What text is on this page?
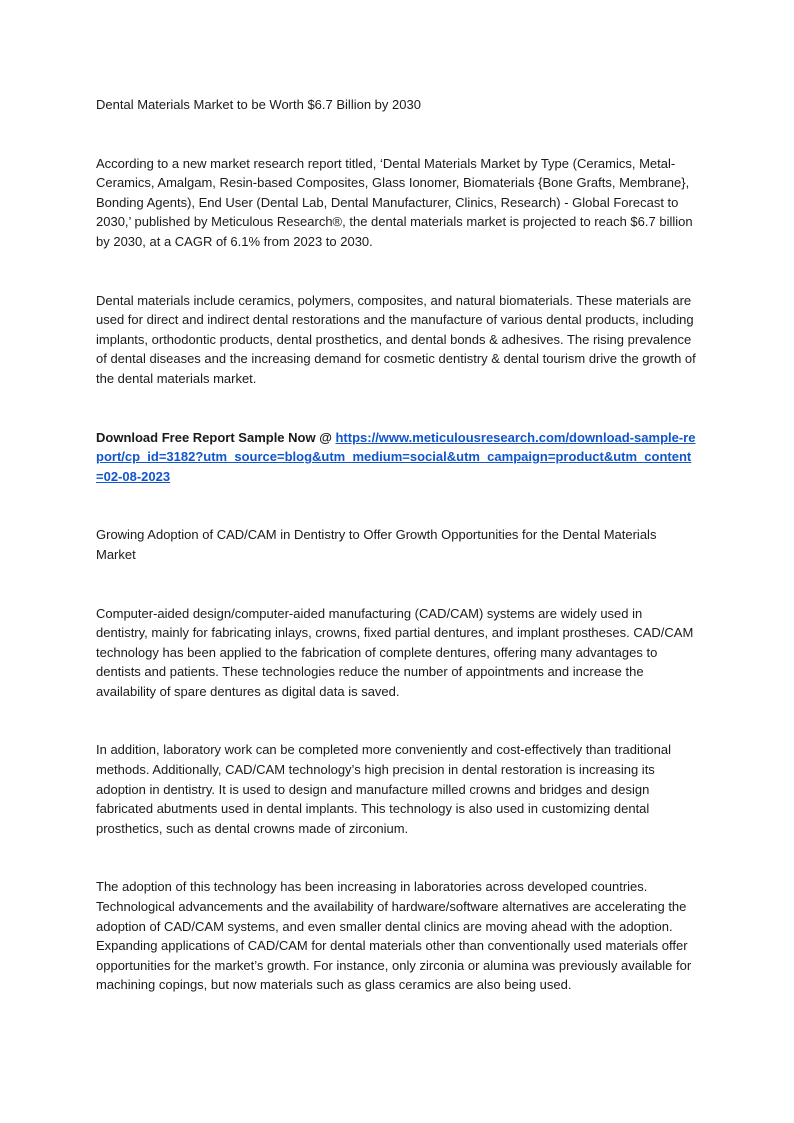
Dental Materials Market to be Worth $6.7 Billion by 2030

According to a new market research report titled, ‘Dental Materials Market by Type (Ceramics, Metal-Ceramics, Amalgam, Resin-based Composites, Glass Ionomer, Biomaterials {Bone Grafts, Membrane}, Bonding Agents), End User (Dental Lab, Dental Manufacturer, Clinics, Research) - Global Forecast to 2030,’ published by Meticulous Research®, the dental materials market is projected to reach $6.7 billion by 2030, at a CAGR of 6.1% from 2023 to 2030.

Dental materials include ceramics, polymers, composites, and natural biomaterials. These materials are used for direct and indirect dental restorations and the manufacture of various dental products, including implants, orthodontic products, dental prosthetics, and dental bonds & adhesives. The rising prevalence of dental diseases and the increasing demand for cosmetic dentistry & dental tourism drive the growth of the dental materials market.

Download Free Report Sample Now @ https://www.meticulousresearch.com/download-sample-report/cp_id=3182?utm_source=blog&utm_medium=social&utm_campaign=product&utm_content=02-08-2023

Growing Adoption of CAD/CAM in Dentistry to Offer Growth Opportunities for the Dental Materials Market

Computer-aided design/computer-aided manufacturing (CAD/CAM) systems are widely used in dentistry, mainly for fabricating inlays, crowns, fixed partial dentures, and implant prostheses. CAD/CAM technology has been applied to the fabrication of complete dentures, offering many advantages to dentists and patients. These technologies reduce the number of appointments and increase the availability of spare dentures as digital data is saved.

In addition, laboratory work can be completed more conveniently and cost-effectively than traditional methods. Additionally, CAD/CAM technology’s high precision in dental restoration is increasing its adoption in dentistry. It is used to design and manufacture milled crowns and bridges and design fabricated abutments used in dental implants. This technology is also used in customizing dental prosthetics, such as dental crowns made of zirconium.

The adoption of this technology has been increasing in laboratories across developed countries. Technological advancements and the availability of hardware/software alternatives are accelerating the adoption of CAD/CAM systems, and even smaller dental clinics are moving ahead with the adoption. Expanding applications of CAD/CAM for dental materials other than conventionally used materials offer opportunities for the market’s growth. For instance, only zirconia or alumina was previously available for machining copings, but now materials such as glass ceramics are also being used.
